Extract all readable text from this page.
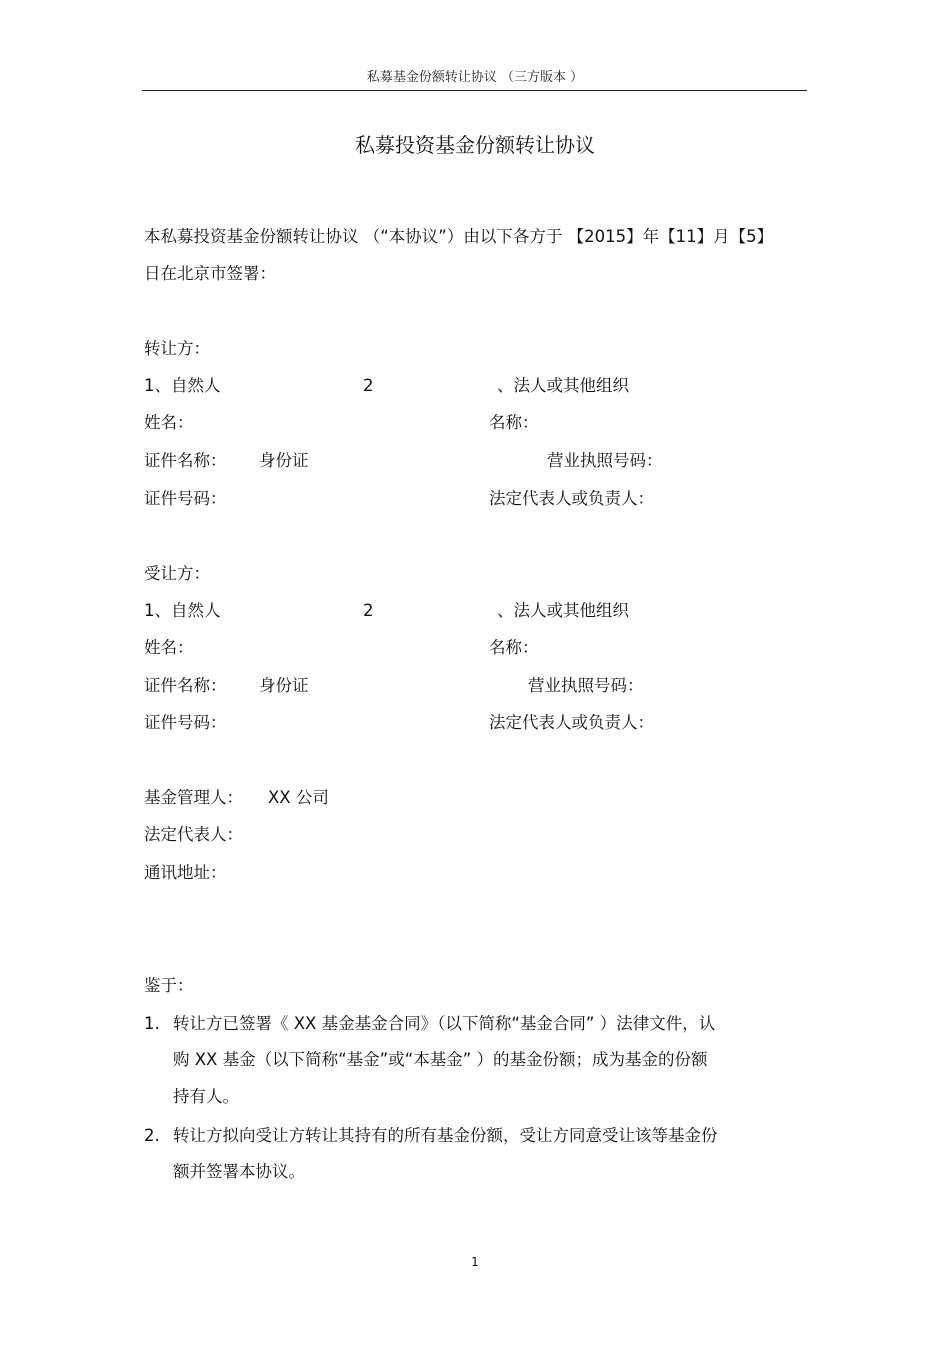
私募基金份额转让协议 （三方版本 ）
私募投资基金份额转让协议
本私募投资基金份额转让协议 （“本协议”）由以下各方于 【2015】年【11】月【5】
日在北京市签署：
转让方：
1、自然人	2	、法人或其他组织
姓名：	名称：
证件名称： 身份证	营业执照号码：
证件号码：	法定代表人或负责人：
受让方：
1、自然人	2	、法人或其他组织
姓名：	名称：
证件名称： 身份证	营业执照号码：
证件号码：	法定代表人或负责人：
基金管理人： XX 公司
法定代表人：
通讯地址：
鉴于：
1. 转让方已签署《 XX 基金基金合同》（以下简称“基金合同” ）法律文件，认
购 XX 基金（以下简称“基金”或“本基金” ）的基金份额；成为基金的份额
持有人。
2. 转让方拟向受让方转让其持有的所有基金份额，受让方同意受让该等基金份
额并签署本协议。
1
